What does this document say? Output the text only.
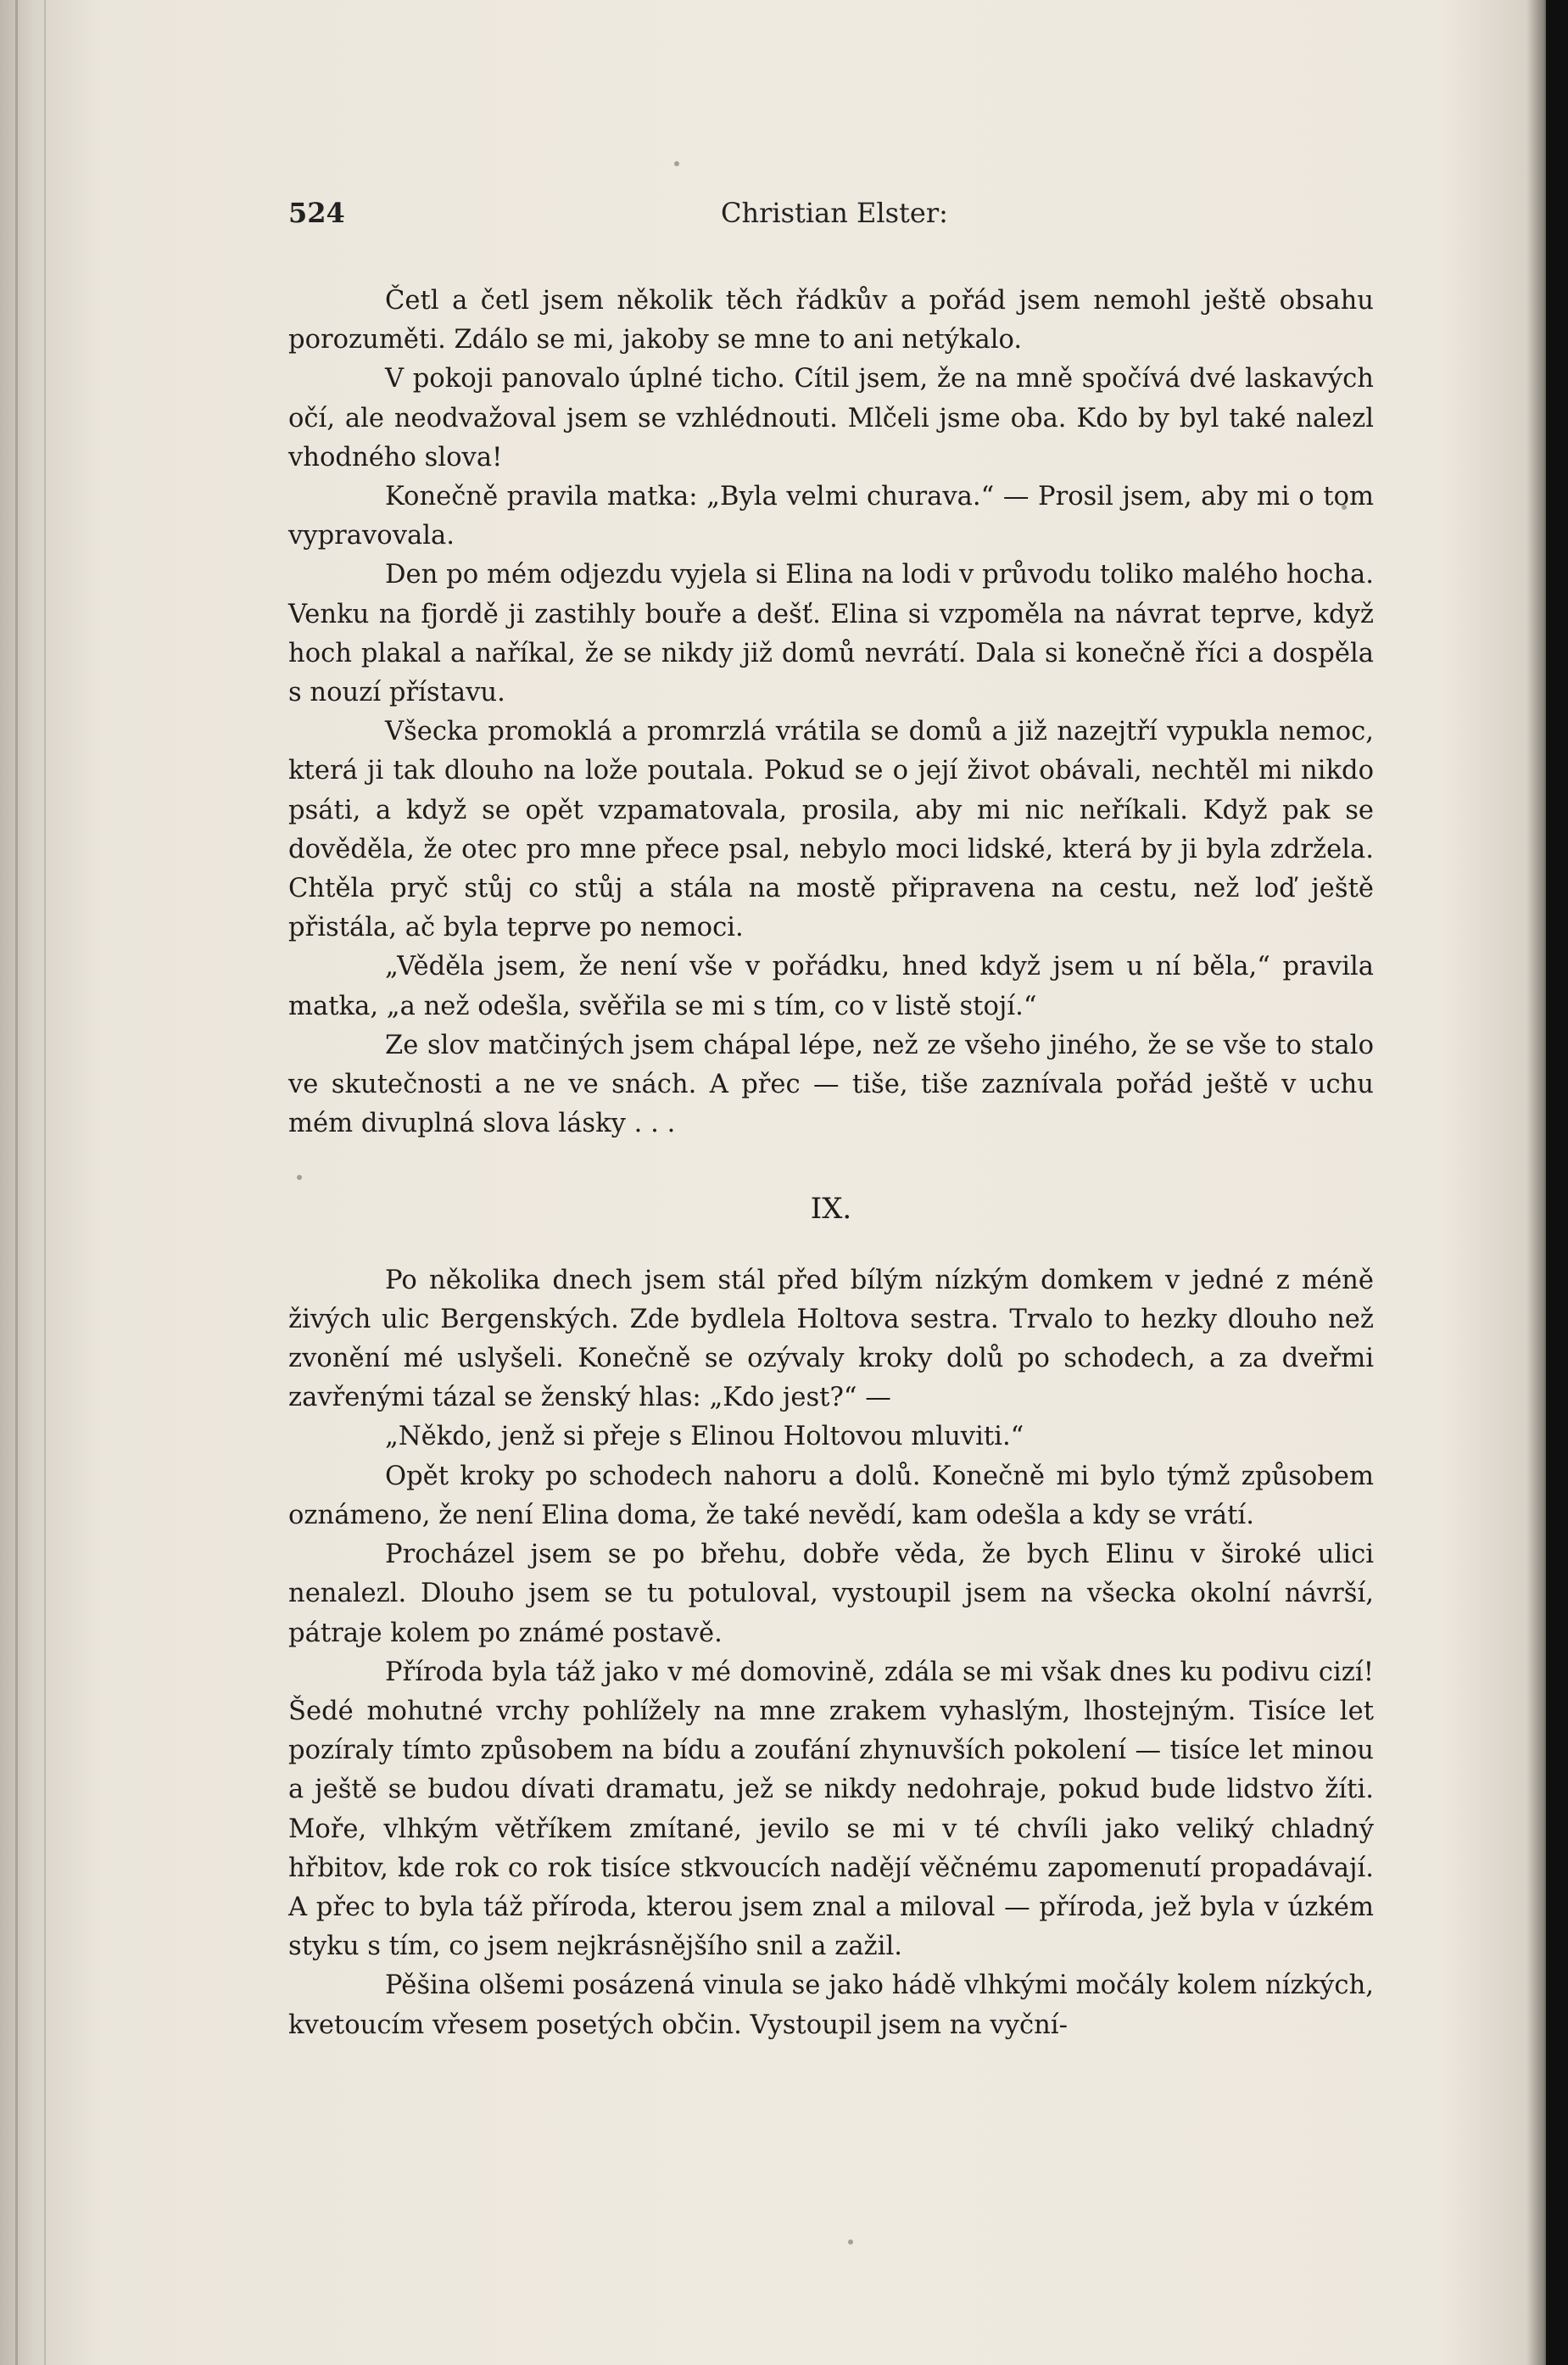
524	Christian Elster:

Četl a četl jsem několik těch řádkův a pořád jsem nemohl ještě obsahu porozuměti. Zdálo se mi, jakoby se mne to ani netýkalo.

V pokoji panovalo úplné ticho. Cítil jsem, že na mně spočívá dvé laskavých očí, ale neodvažoval jsem se vzhlédnouti. Mlčeli jsme oba. Kdo by byl také nalezl vhodného slova!

Konečně pravila matka: „Byla velmi churava.“ — Prosil jsem, aby mi o tom vypravovala.

Den po mém odjezdu vyjela si Elina na lodi v průvodu toliko malého hocha. Venku na fjordě ji zastihly bouře a dešť. Elina si vzpoměla na návrat teprve, když hoch plakal a naříkal, že se nikdy již domů nevrátí. Dala si konečně říci a dospěla s nouzí přístavu.

Všecka promoklá a promrzlá vrátila se domů a již nazejtří vypukla nemoc, která ji tak dlouho na lože poutala. Pokud se o její život obávali, nechtěl mi nikdo psáti, a když se opět vzpamatovala, prosila, aby mi nic neříkali. Když pak se dověděla, že otec pro mne přece psal, nebylo moci lidské, která by ji byla zdržela. Chtěla pryč stůj co stůj a stála na mostě připravena na cestu, než loď ještě přistála, ač byla teprve po nemoci.

„Věděla jsem, že není vše v pořádku, hned když jsem u ní běla,“ pravila matka, „a než odešla, svěřila se mi s tím, co v listě stojí.“

Ze slov matčiných jsem chápal lépe, než ze všeho jiného, že se vše to stalo ve skutečnosti a ne ve snách. A přec — tiše, tiše zaznívala pořád ještě v uchu mém divuplná slova lásky . . .

IX.

Po několika dnech jsem stál před bílým nízkým domkem v jedné z méně živých ulic Bergenských. Zde bydlela Holtova sestra. Trvalo to hezky dlouho než zvonění mé uslyšeli. Konečně se ozývaly kroky dolů po schodech, a za dveřmi zavřenými tázal se ženský hlas: „Kdo jest?“ —

„Někdo, jenž si přeje s Elinou Holtovou mluviti.“

Opět kroky po schodech nahoru a dolů. Konečně mi bylo týmž způsobem oznámeno, že není Elina doma, že také nevědí, kam odešla a kdy se vrátí.

Procházel jsem se po břehu, dobře věda, že bych Elinu v široké ulici nenalezl. Dlouho jsem se tu potuloval, vystoupil jsem na všecka okolní návrší, pátraje kolem po známé postavě.

Příroda byla táž jako v mé domovině, zdála se mi však dnes ku podivu cizí! Šedé mohutné vrchy pohlížely na mne zrakem vyhaslým, lhostejným. Tisíce let pozíraly tímto způsobem na bídu a zoufání zhynuvších pokolení — tisíce let minou a ještě se budou dívati dramatu, jež se nikdy nedohraje, pokud bude lidstvo žíti. Moře, vlhkým větříkem zmítané, jevilo se mi v té chvíli jako veliký chladný hřbitov, kde rok co rok tisíce stkvoucích nadějí věčnému zapomenutí propadávají. A přec to byla táž příroda, kterou jsem znal a miloval — příroda, jež byla v úzkém styku s tím, co jsem nejkrásnějšího snil a zažil.

Pěšina olšemi posázená vinula se jako hádě vlhkými močály kolem nízkých, kvetoucím vřesem posetých občin. Vystoupil jsem na vyční-
